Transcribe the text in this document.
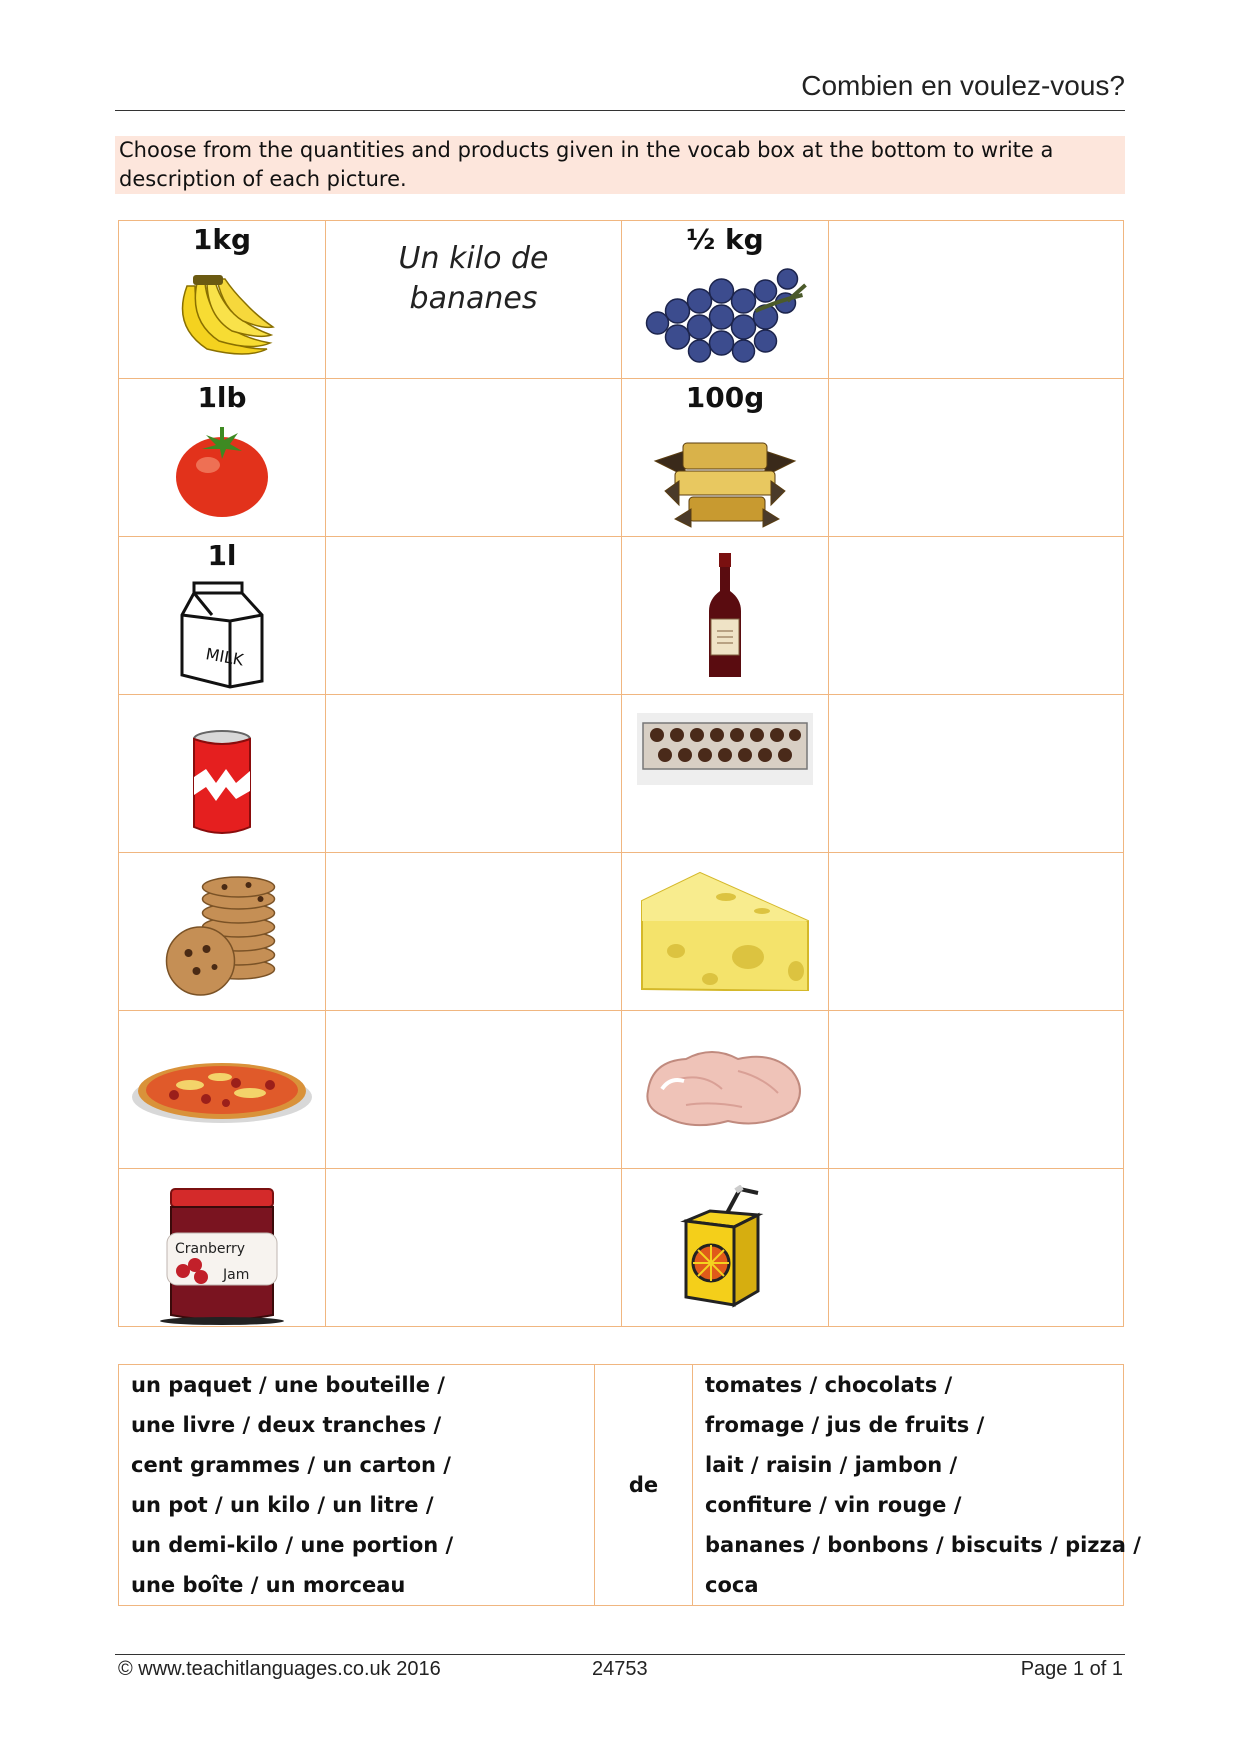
Combien en voulez-vous?
Choose from the quantities and products given in the vocab box at the bottom to write a description of each picture.
1kg	Un kilo de bananes	½ kg	

1lb		100g	

1l
MILK

Cranberry
Jam

un paquet / une bouteille /
une livre / deux tranches /
cent grammes / un carton /
un pot / un kilo / un litre /
un demi-kilo / une portion /
une boîte / un morceau
	de	
tomates / chocolats /
fromage / jus de fruits /
lait / raisin / jambon /
confiture / vin rouge /
bananes / bonbons / biscuits / pizza /
coca
© www.teachitlanguages.co.uk 2016	24753	Page 1 of 1
